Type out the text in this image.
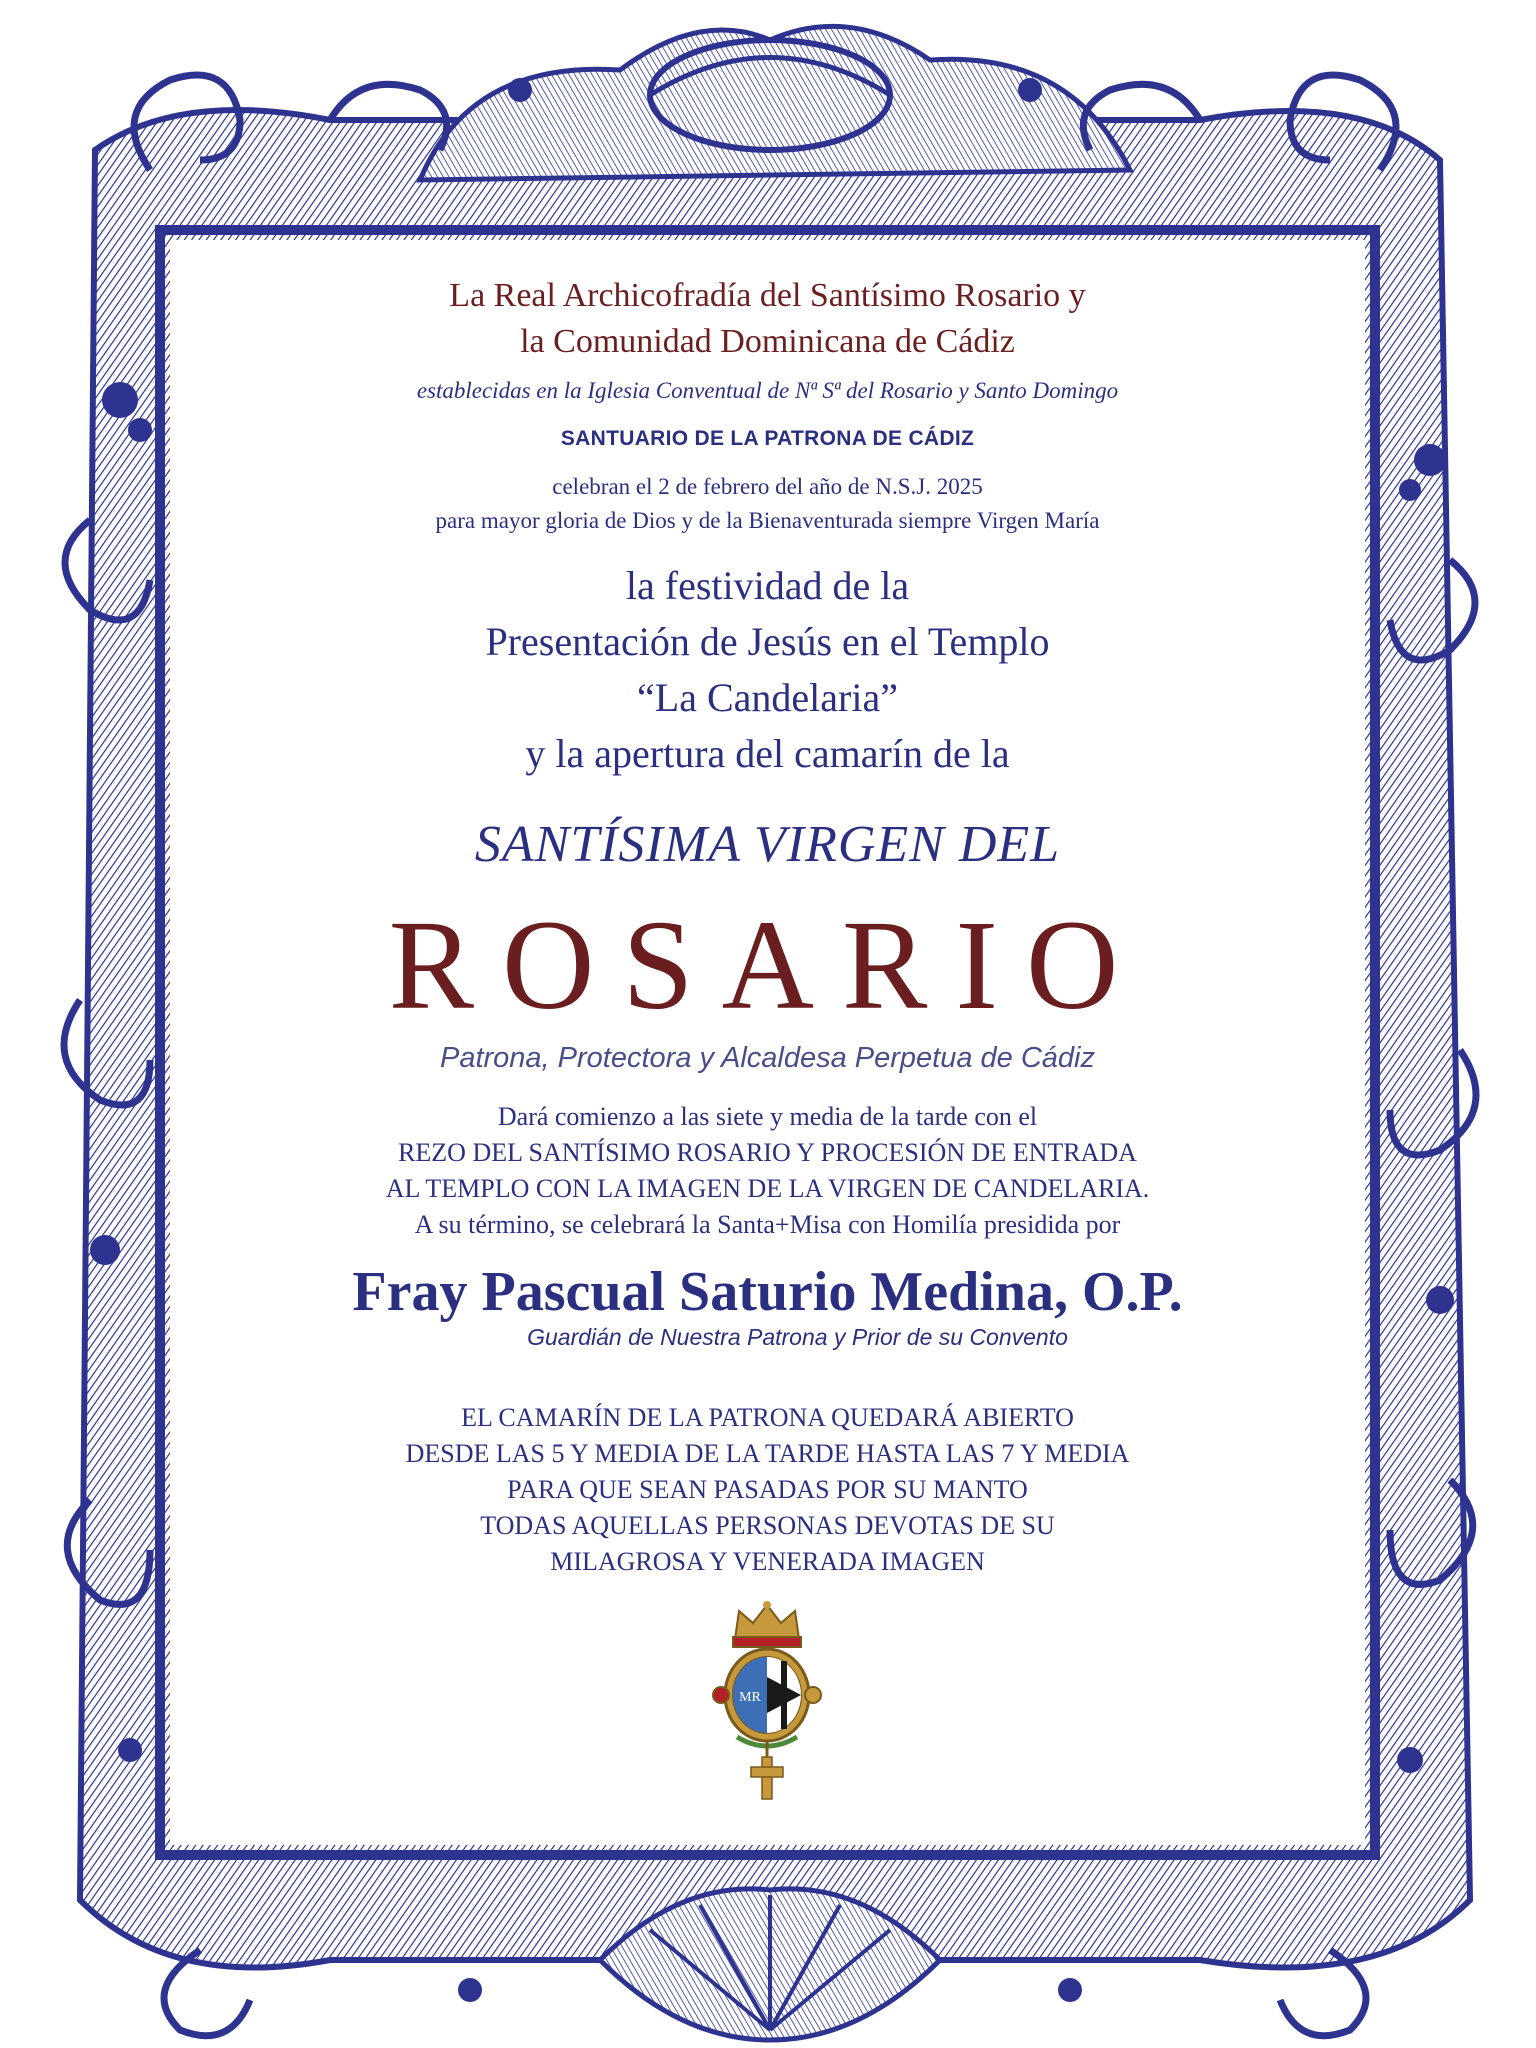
La Real Archicofradía del Santísimo Rosario y
la Comunidad Dominicana de Cádiz
establecidas en la Iglesia Conventual de Nª Sª del Rosario y Santo Domingo
SANTUARIO DE LA PATRONA DE CÁDIZ
celebran el 2 de febrero del año de N.S.J. 2025
para mayor gloria de Dios y de la Bienaventurada siempre Virgen María
la festividad de la
Presentación de Jesús en el Templo
“La Candelaria”
y la apertura del camarín de la
SANTÍSIMA VIRGEN DEL
ROSARIO
Patrona, Protectora y Alcaldesa Perpetua de Cádiz
Dará comienzo a las siete y media de la tarde con el
REZO DEL SANTÍSIMO ROSARIO Y PROCESIÓN DE ENTRADA
AL TEMPLO CON LA IMAGEN DE LA VIRGEN DE CANDELARIA.
A su término, se celebrará la Santa+Misa con Homilía presidida por
Fray Pascual Saturio Medina, O.P.
Guardián de Nuestra Patrona y Prior de su Convento
EL CAMARÍN DE LA PATRONA QUEDARÁ ABIERTO
DESDE LAS 5 Y MEDIA DE LA TARDE HASTA LAS 7 Y MEDIA
PARA QUE SEAN PASADAS POR SU MANTO
TODAS AQUELLAS PERSONAS DEVOTAS DE SU
MILAGROSA Y VENERADA IMAGEN
MR
